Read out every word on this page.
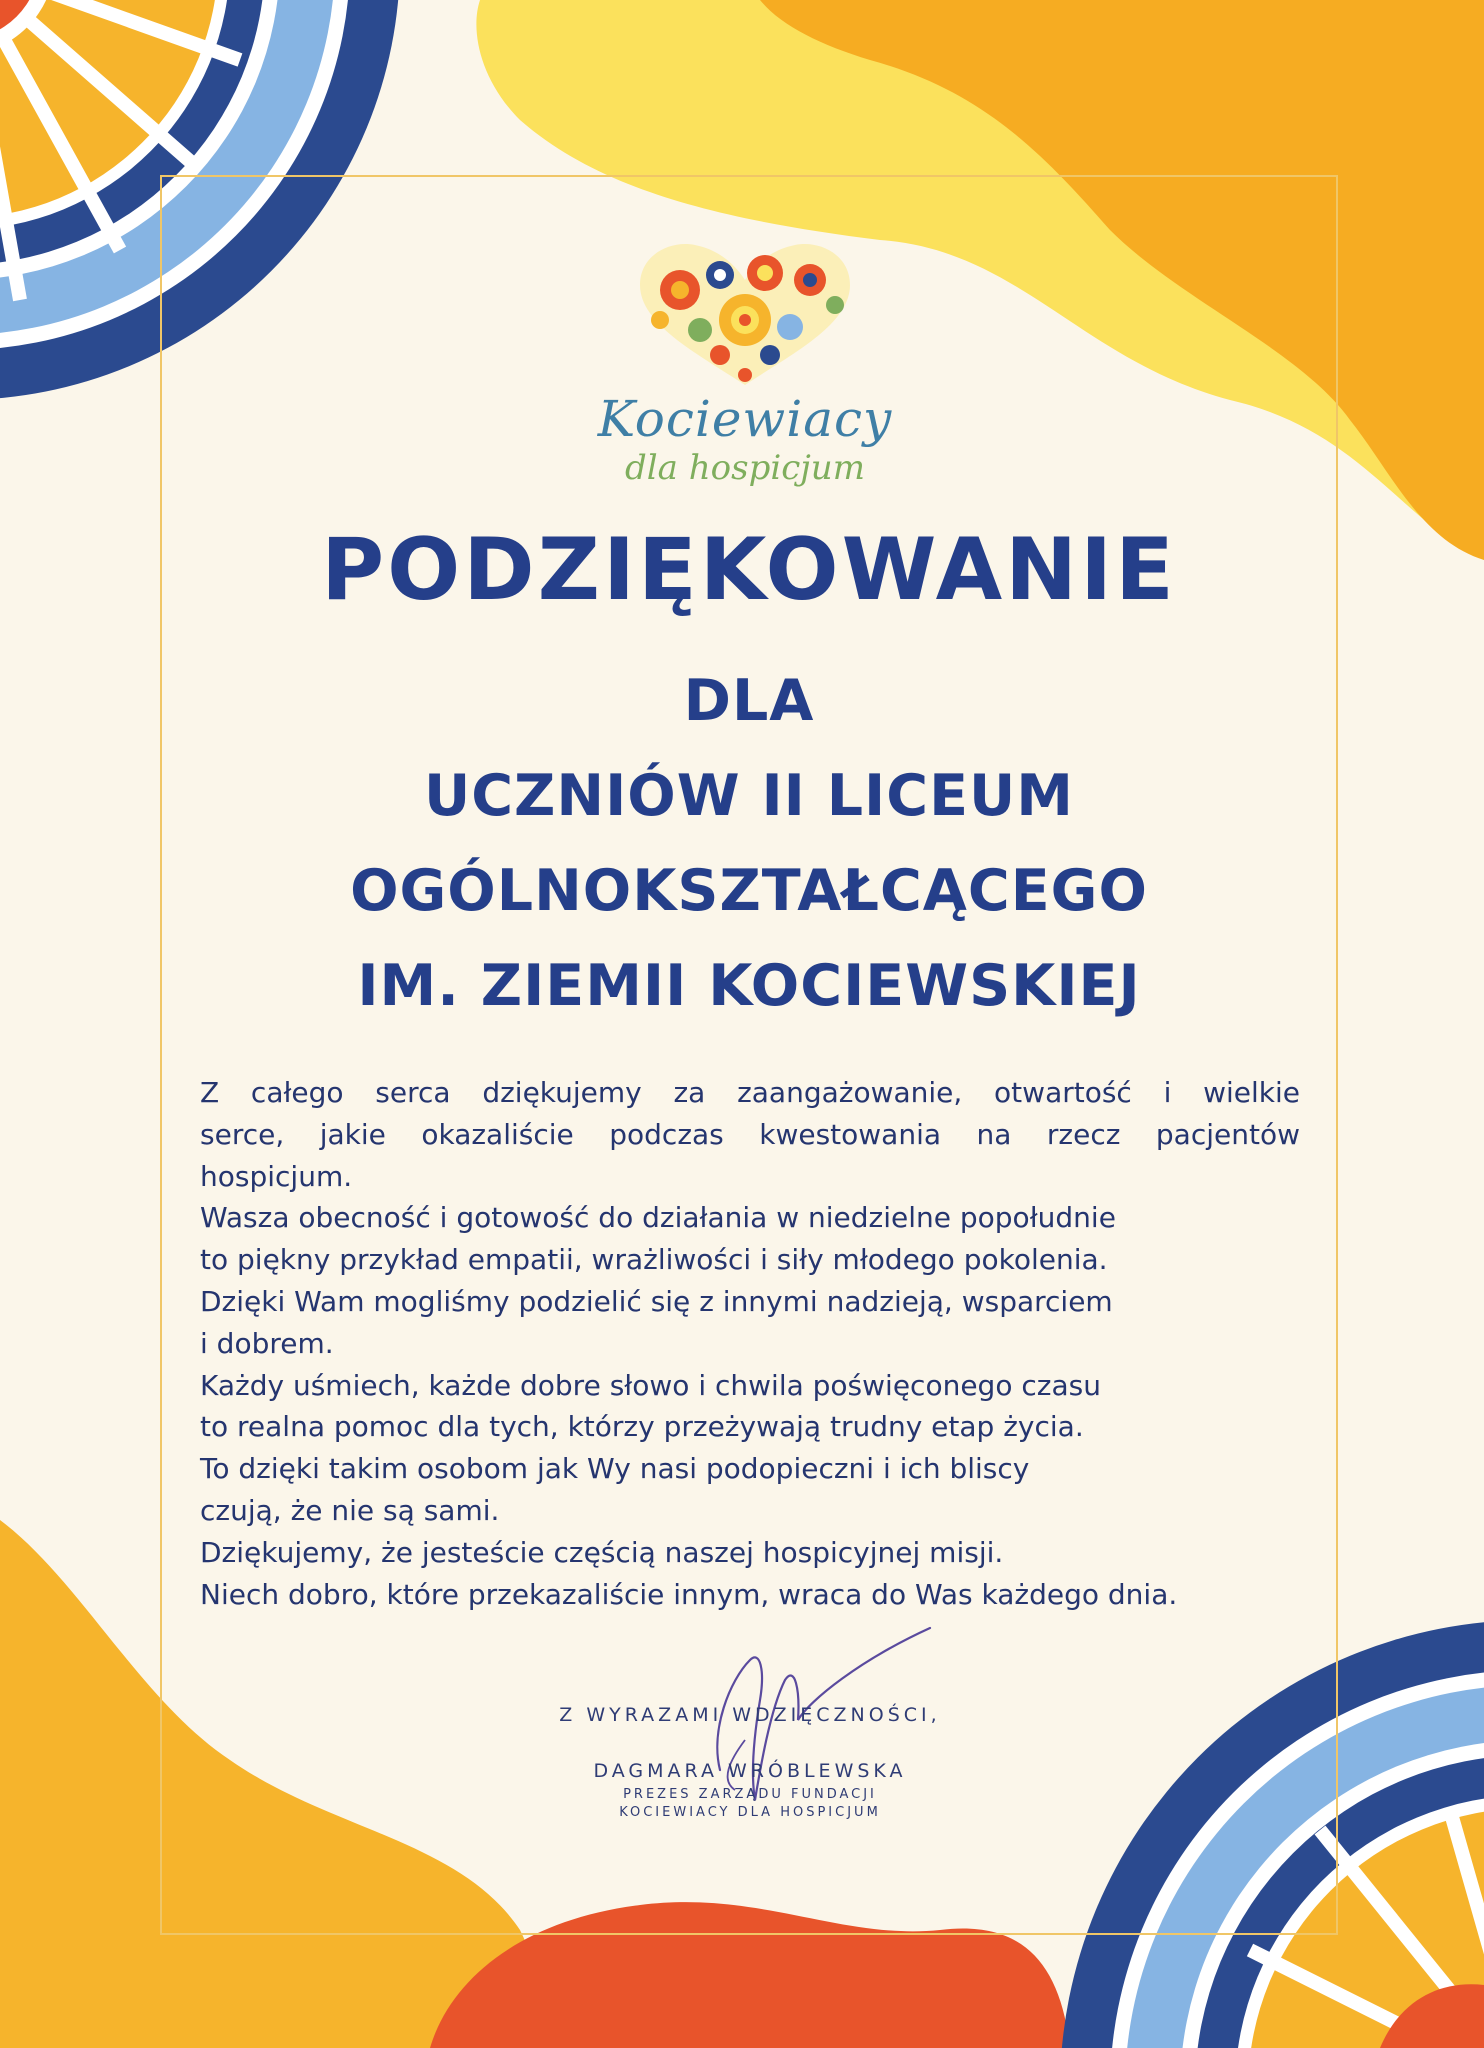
Kociewiacy
dla hospicjum
PODZIĘKOWANIE
DLA
UCZNIÓW II LICEUM
OGÓLNOKSZTAŁCĄCEGO
IM. ZIEMII KOCIEWSKIEJ

Z całego serca dziękujemy za zaangażowanie, otwartość i wielkie

serce, jakie okazaliście podczas kwestowania na rzecz pacjentów

hospicjum.

Wasza obecność i gotowość do działania w niedzielne popołudnie

to piękny przykład empatii, wrażliwości i siły młodego pokolenia.

Dzięki Wam mogliśmy podzielić się z innymi nadzieją, wsparciem

i dobrem.

Każdy uśmiech, każde dobre słowo i chwila poświęconego czasu

to realna pomoc dla tych, którzy przeżywają trudny etap życia.

To dzięki takim osobom jak Wy nasi podopieczni i ich bliscy

czują, że nie są sami.

Dziękujemy, że jesteście częścią naszej hospicyjnej misji.

Niech dobro, które przekazaliście innym, wraca do Was każdego dnia.

Z WYRAZAMI WDZIĘCZNOŚCI,
DAGMARA WRÓBLEWSKA
PREZES ZARZĄDU FUNDACJI
KOCIEWIACY DLA HOSPICJUM
